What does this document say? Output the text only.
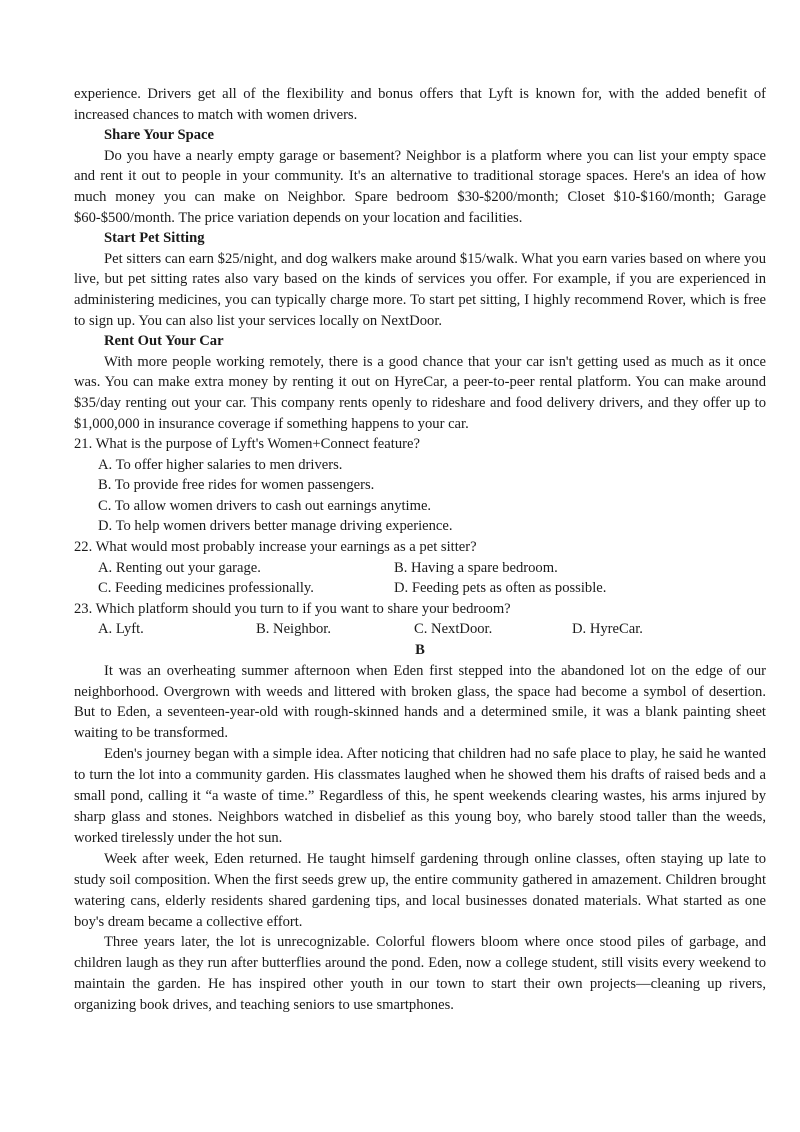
experience. Drivers get all of the flexibility and bonus offers that Lyft is known for, with the added benefit of increased chances to match with women drivers.

Share Your Space

Do you have a nearly empty garage or basement? Neighbor is a platform where you can list your empty space and rent it out to people in your community. It's an alternative to traditional storage spaces. Here's an idea of how much money you can make on Neighbor. Spare bedroom $30-$200/month; Closet $10-$160/month; Garage $60-$500/month. The price variation depends on your location and facilities.

Start Pet Sitting

Pet sitters can earn $25/night, and dog walkers make around $15/walk. What you earn varies based on where you live, but pet sitting rates also vary based on the kinds of services you offer. For example, if you are experienced in administering medicines, you can typically charge more. To start pet sitting, I highly recommend Rover, which is free to sign up. You can also list your services locally on NextDoor.

Rent Out Your Car

With more people working remotely, there is a good chance that your car isn't getting used as much as it once was. You can make extra money by renting it out on HyreCar, a peer-to-peer rental platform. You can make around $35/day renting out your car. This company rents openly to rideshare and food delivery drivers, and they offer up to $1,000,000 in insurance coverage if something happens to your car.

21. What is the purpose of Lyft's Women+Connect feature?

A. To offer higher salaries to men drivers.

B. To provide free rides for women passengers.

C. To allow women drivers to cash out earnings anytime.

D. To help women drivers better manage driving experience.

22. What would most probably increase your earnings as a pet sitter?

A. Renting out your garage.	B. Having a spare bedroom.
C. Feeding medicines professionally.	D. Feeding pets as often as possible.

23. Which platform should you turn to if you want to share your bedroom?

A. Lyft.	B. Neighbor.	C. NextDoor.	D. HyreCar.

B

It was an overheating summer afternoon when Eden first stepped into the abandoned lot on the edge of our neighborhood. Overgrown with weeds and littered with broken glass, the space had become a symbol of desertion. But to Eden, a seventeen-year-old with rough-skinned hands and a determined smile, it was a blank painting sheet waiting to be transformed.

Eden's journey began with a simple idea. After noticing that children had no safe place to play, he said he wanted to turn the lot into a community garden. His classmates laughed when he showed them his drafts of raised beds and a small pond, calling it “a waste of time.” Regardless of this, he spent weekends clearing wastes, his arms injured by sharp glass and stones. Neighbors watched in disbelief as this young boy, who barely stood taller than the weeds, worked tirelessly under the hot sun.

Week after week, Eden returned. He taught himself gardening through online classes, often staying up late to study soil composition. When the first seeds grew up, the entire community gathered in amazement. Children brought watering cans, elderly residents shared gardening tips, and local businesses donated materials. What started as one boy's dream became a collective effort.

Three years later, the lot is unrecognizable. Colorful flowers bloom where once stood piles of garbage, and children laugh as they run after butterflies around the pond. Eden, now a college student, still visits every weekend to maintain the garden. He has inspired other youth in our town to start their own projects—cleaning up rivers, organizing book drives, and teaching seniors to use smartphones.
